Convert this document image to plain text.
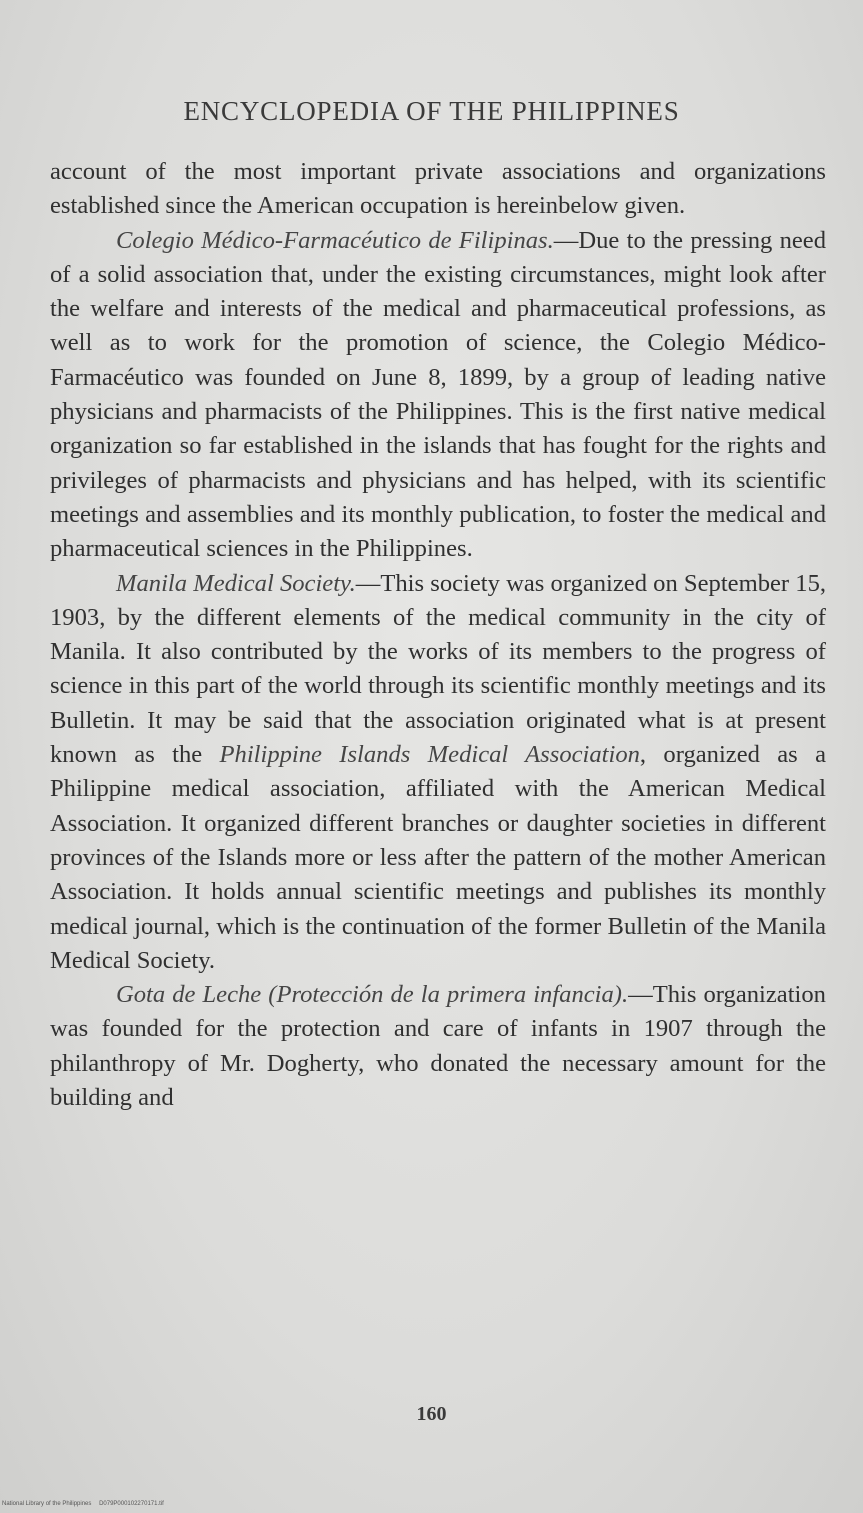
ENCYCLOPEDIA OF THE PHILIPPINES

account of the most important private associations and organizations established since the American occupation is hereinbelow given.

Colegio Médico-Farmacéutico de Filipinas.—Due to the pressing need of a solid association that, under the existing circumstances, might look after the welfare and interests of the medical and pharmaceutical professions, as well as to work for the promotion of science, the Colegio Médico-Farmacéutico was founded on June 8, 1899, by a group of leading native physicians and pharmacists of the Philippines. This is the first native medical organization so far established in the islands that has fought for the rights and privileges of pharmacists and physicians and has helped, with its scientific meetings and assemblies and its monthly publication, to foster the medical and pharmaceutical sciences in the Philippines.

Manila Medical Society.—This society was organized on September 15, 1903, by the different elements of the medical community in the city of Manila. It also contributed by the works of its members to the progress of science in this part of the world through its scientific monthly meetings and its Bulletin. It may be said that the association originated what is at present known as the Philippine Islands Medical Association, organized as a Philippine medical association, affiliated with the American Medical Association. It organized different branches or daughter societies in different provinces of the Islands more or less after the pattern of the mother American Association. It holds annual scientific meetings and publishes its monthly medical journal, which is the continuation of the former Bulletin of the Manila Medical Society.

Gota de Leche (Protección de la primera infancia).—This organization was founded for the protection and care of infants in 1907 through the philanthropy of Mr. Dogherty, who donated the necessary amount for the building and

160
National Library of the Philippines D079P000102270171.tif
